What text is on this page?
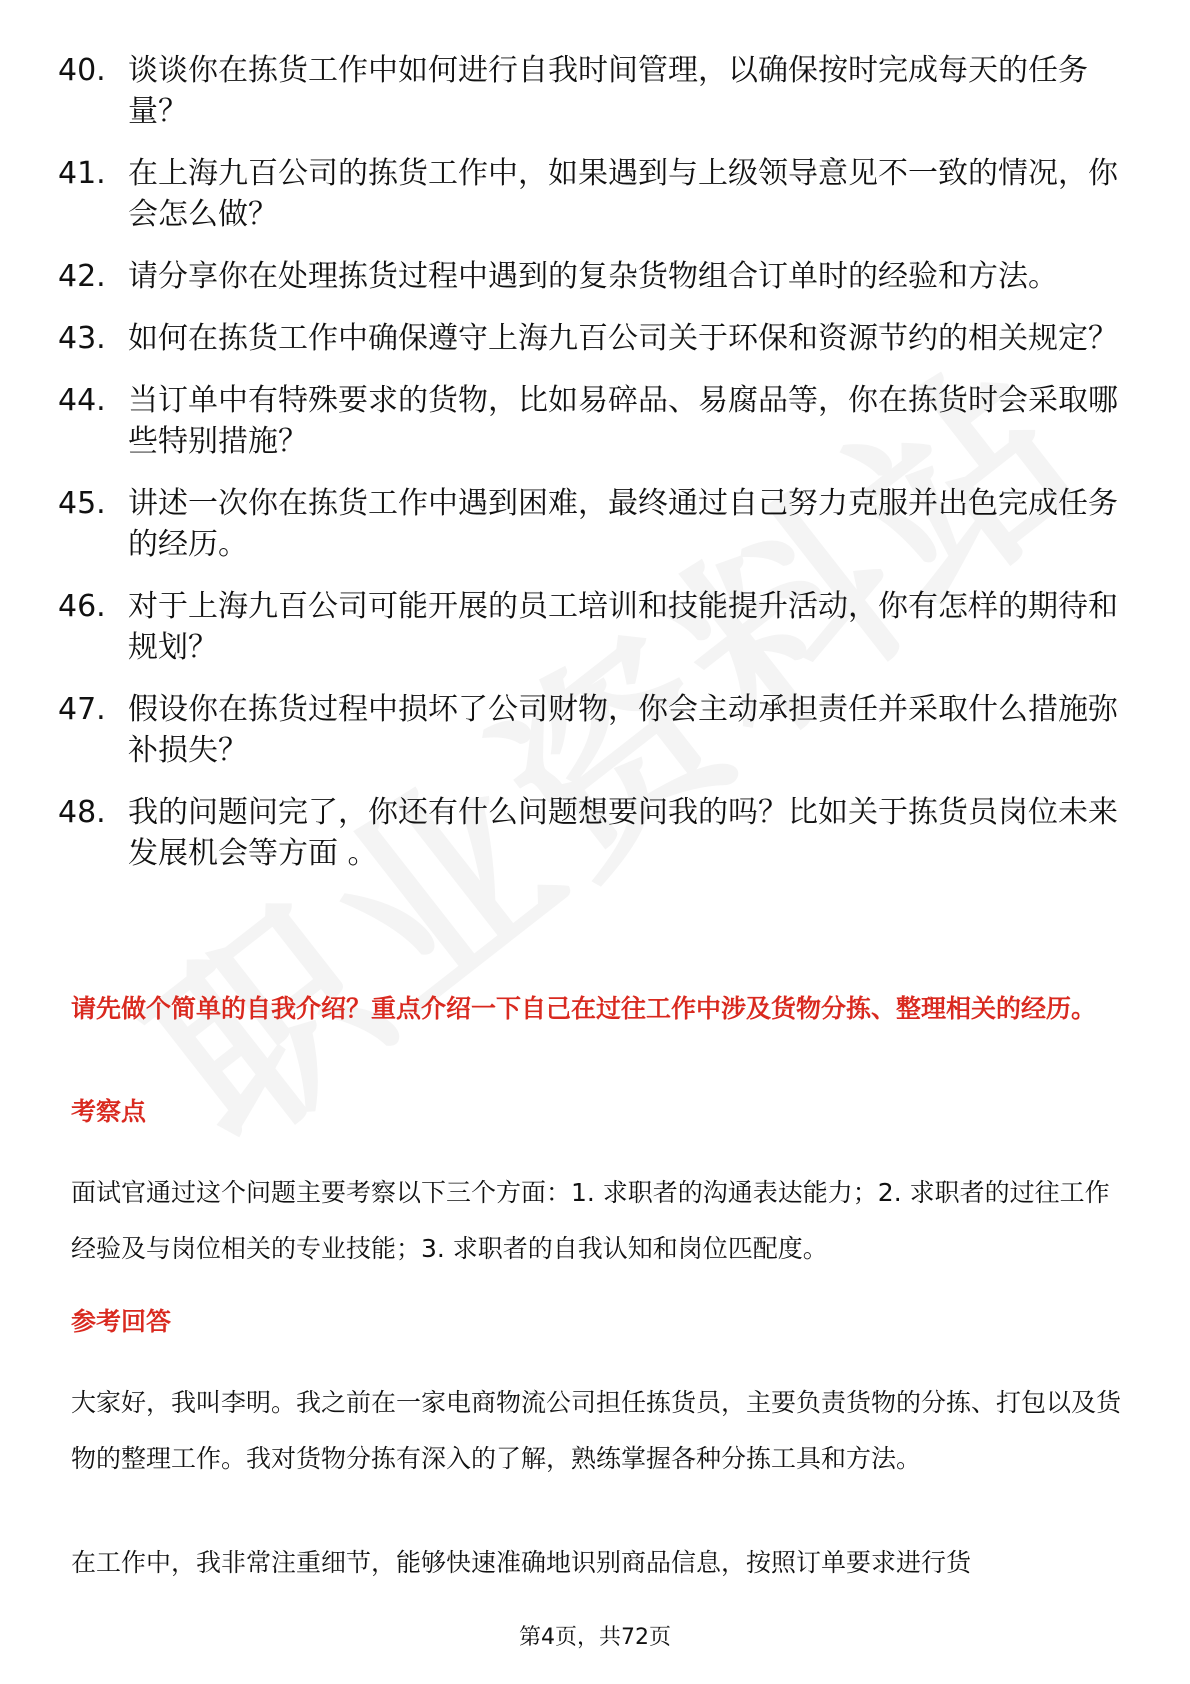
40. 谈谈你在拣货工作中如何进行自我时间管理，以确保按时完成每天的任务量？
41. 在上海九百公司的拣货工作中，如果遇到与上级领导意见不一致的情况，你会怎么做？
42. 请分享你在处理拣货过程中遇到的复杂货物组合订单时的经验和方法。
43. 如何在拣货工作中确保遵守上海九百公司关于环保和资源节约的相关规定？
44. 当订单中有特殊要求的货物，比如易碎品、易腐品等，你在拣货时会采取哪些特别措施？
45. 讲述一次你在拣货工作中遇到困难，最终通过自己努力克服并出色完成任务的经历。
46. 对于上海九百公司可能开展的员工培训和技能提升活动，你有怎样的期待和规划？
47. 假设你在拣货过程中损坏了公司财物，你会主动承担责任并采取什么措施弥补损失？
48. 我的问题问完了，你还有什么问题想要问我的吗？比如关于拣货员岗位未来发展机会等方面 。
请先做个简单的自我介绍？重点介绍一下自己在过往工作中涉及货物分拣、整理相关的经历。
考察点
面试官通过这个问题主要考察以下三个方面：1. 求职者的沟通表达能力；2. 求职者的过往工作经验及与岗位相关的专业技能；3. 求职者的自我认知和岗位匹配度。
参考回答
大家好，我叫李明。我之前在一家电商物流公司担任拣货员，主要负责货物的分拣、打包以及货物的整理工作。我对货物分拣有深入的了解，熟练掌握各种分拣工具和方法。
在工作中，我非常注重细节，能够快速准确地识别商品信息，按照订单要求进行货
第4页，共72页
